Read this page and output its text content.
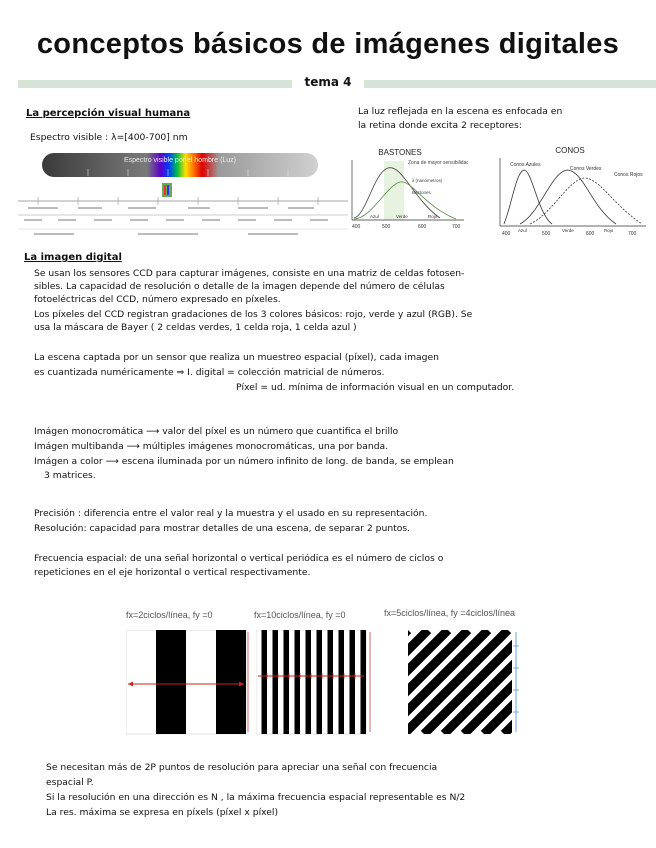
conceptos básicos de imágenes digitales
tema 4
La percepción visual humana
Espectro visible : λ=[400-700] nm
Espectro visible por el hombre (Luz)
La luz reflejada en la escena es enfocada en
la retina donde excita 2 receptores:
BASTONES
Zona de mayor sensibilidad
λ (nanómetros)
Bastones
400	500	600	700
Azul	Verde	Rojo
CONOS
Conos Azules
Conos Verdes
Conos Rojos
400	500	600	700
Azul	Verde	Rojo
La imagen digital
Se usan los sensores CCD para capturar imágenes, consiste en una matriz de celdas fotosen-
sibles. La capacidad de resolución o detalle de la imagen depende del número de células
fotoeléctricas del CCD, número expresado en píxeles.
Los píxeles del CCD registran gradaciones de los 3 colores básicos: rojo, verde y azul (RGB). Se
usa la máscara de Bayer ( 2 celdas verdes, 1 celda roja, 1 celda azul )
La escena captada por un sensor que realiza un muestreo espacial (píxel), cada imagen
es cuantizada numéricamente ⇒ I. digital = colección matricial de números.
Píxel = ud. mínima de información visual en un computador.
Imágen monocromática ⟶ valor del píxel es un número que cuantifica el brillo
Imágen multibanda ⟶ múltiples imágenes monocromáticas, una por banda.
Imágen a color ⟶ escena iluminada por un número infinito de long. de banda, se emplean
3 matrices.
Precisión : diferencia entre el valor real y la muestra y el usado en su representación.
Resolución: capacidad para mostrar detalles de una escena, de separar 2 puntos.
Frecuencia espacial: de una señal horizontal o vertical periódica es el número de ciclos o
repeticiones en el eje horizontal o vertical respectivamente.
fx=2ciclos/línea, fy =0	fx=10ciclos/línea, fy =0	fx=5ciclos/línea, fy =4ciclos/línea
Se necesitan más de 2P puntos de resolución para apreciar una señal con frecuencia
espacial P.
Si la resolución en una dirección es N , la máxima frecuencia espacial representable es N/2
La res. máxima se expresa en píxels (píxel x píxel)
